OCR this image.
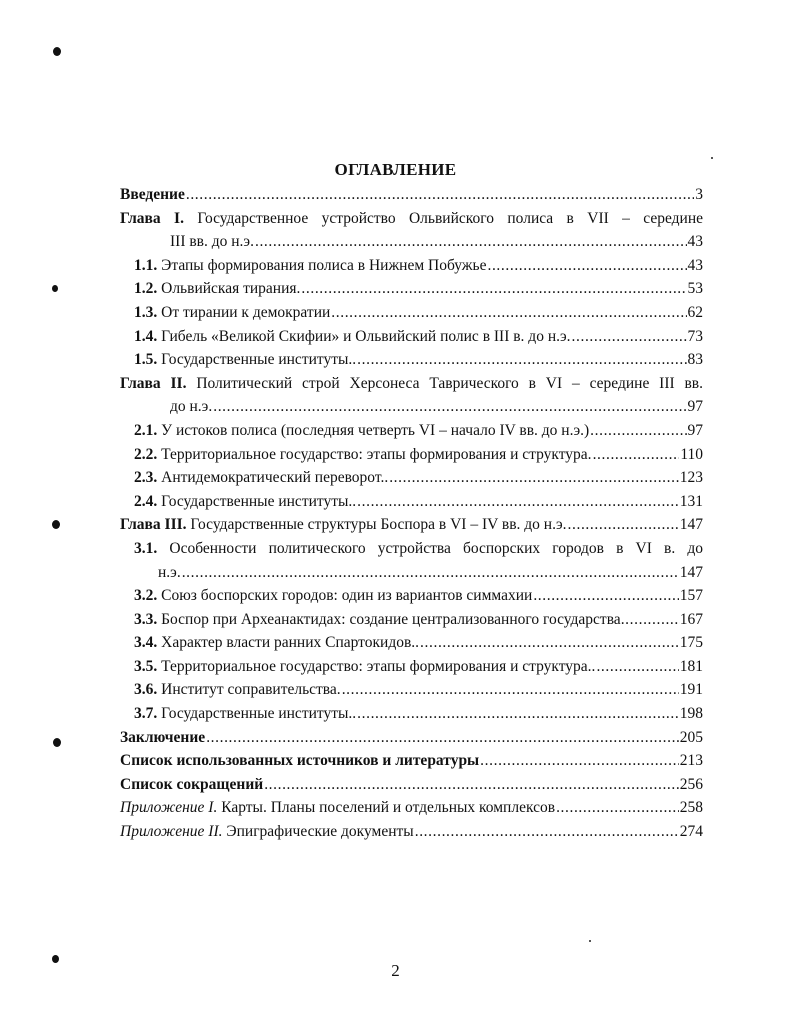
ОГЛАВЛЕНИЕ
Введение .....	3
Глава I. Государственное устройство Ольвийского полиса в VII – середине
III вв. до н.э. .....	43
1.1. Этапы формирования полиса в Нижнем Побужье .....	43
1.2. Ольвийская тирания. .....	53
1.3. От тирании к демократии .....	62
1.4. Гибель «Великой Скифии» и Ольвийский полис в III в. до н.э. .....	73
1.5. Государственные институты.. .....	83
Глава II. Политический строй Херсонеса Таврического в VI – середине III вв.
до н.э. .....	97
2.1. У истоков полиса (последняя четверть VI – начало IV вв. до н.э.) .....	97
2.2. Территориальное государство: этапы формирования и структура. .....	110
2.3. Антидемократический переворот.. .....	123
2.4. Государственные институты.. .....	131
Глава III. Государственные структуры Боспора в VI – IV вв. до н.э. .....	147
3.1. Особенности политического устройства боспорских городов в VI в. до
н.э. .....	147
3.2. Союз боспорских городов: один из вариантов симмахии .....	157
3.3. Боспор при Археанактидах: создание централизованного государства .....	167
3.4. Характер власти ранних Спартокидов.. .....	175
3.5. Территориальное государство: этапы формирования и структура.. .....	181
3.6. Институт соправительства. .....	191
3.7. Государственные институты.. .....	198
Заключение .....	205
Список использованных источников и литературы .....	213
Список сокращений .....	256
Приложение I. Карты. Планы поселений и отдельных комплексов .....	258
Приложение II. Эпиграфические документы .....	274
2
